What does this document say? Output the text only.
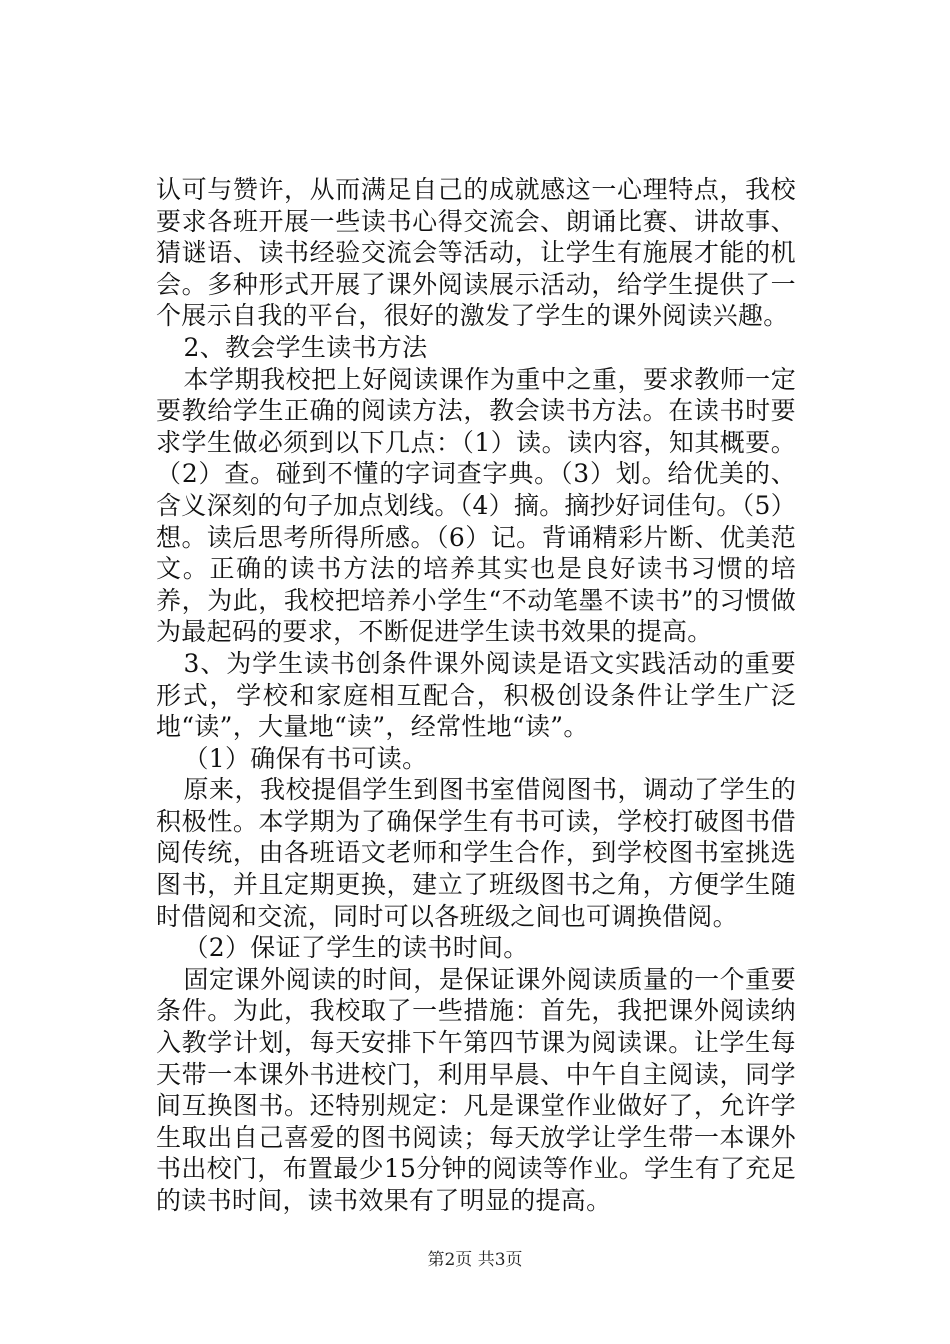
认可与赞许，从而满足自己的成就感这一心理特点，我校要求各班开展一些读书心得交流会、朗诵比赛、讲故事、猜谜语、读书经验交流会等活动，让学生有施展才能的机会。多种形式开展了课外阅读展示活动，给学生提供了一个展示自我的平台，很好的激发了学生的课外阅读兴趣。

2、教会学生读书方法

本学期我校把上好阅读课作为重中之重，要求教师一定要教给学生正确的阅读方法，教会读书方法。在读书时要求学生做必须到以下几点：（1）读。读内容，知其概要。（2）查。碰到不懂的字词查字典。（3）划。给优美的、含义深刻的句子加点划线。（4）摘。摘抄好词佳句。（5）想。读后思考所得所感。（6）记。背诵精彩片断、优美范文。正确的读书方法的培养其实也是良好读书习惯的培养，为此，我校把培养小学生“不动笔墨不读书”的习惯做为最起码的要求，不断促进学生读书效果的提高。

3、为学生读书创条件课外阅读是语文实践活动的重要形式，学校和家庭相互配合，积极创设条件让学生广泛地“读”，大量地“读”，经常性地“读”。

（1）确保有书可读。

原来，我校提倡学生到图书室借阅图书，调动了学生的积极性。本学期为了确保学生有书可读，学校打破图书借阅传统，由各班语文老师和学生合作，到学校图书室挑选图书，并且定期更换，建立了班级图书之角，方便学生随时借阅和交流，同时可以各班级之间也可调换借阅。

（2）保证了学生的读书时间。

固定课外阅读的时间，是保证课外阅读质量的一个重要条件。为此，我校取了一些措施：首先，我把课外阅读纳入教学计划，每天安排下午第四节课为阅读课。让学生每天带一本课外书进校门，利用早晨、中午自主阅读，同学间互换图书。还特别规定：凡是课堂作业做好了，允许学生取出自己喜爱的图书阅读；每天放学让学生带一本课外书出校门，布置最少15分钟的阅读等作业。学生有了充足的读书时间，读书效果有了明显的提高。

第2页 共3页
